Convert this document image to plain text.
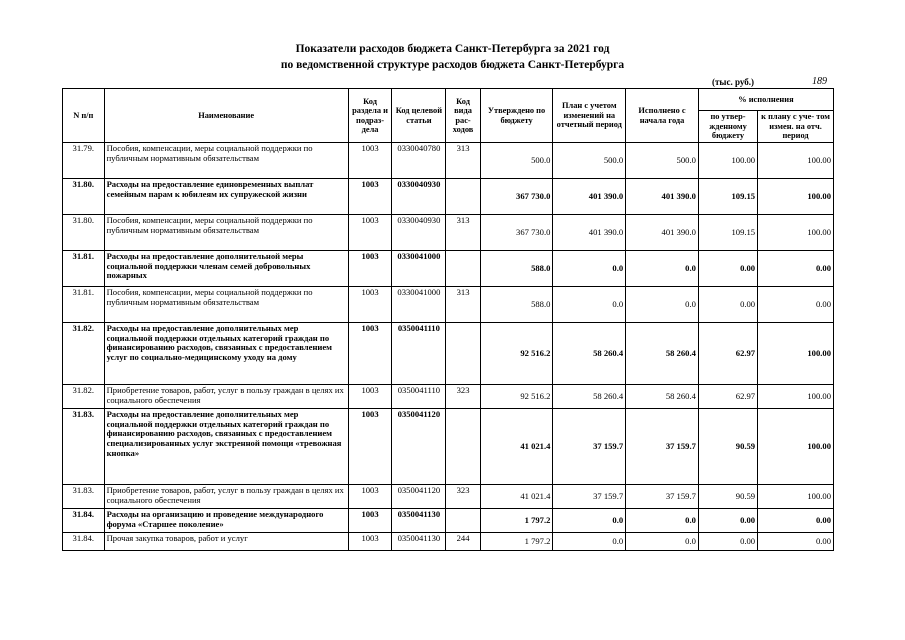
Показатели расходов бюджета Санкт-Петербурга за 2021 год
по ведомственной структуре расходов бюджета Санкт-Петербурга
(тыс. руб.)	189
N п/п	Наименование	Код раздела и подраз- дела	Код целевой статьи	Код вида рас- ходов	Утверждено по бюджету	План с учетом изменений на отчетный период	Исполнено с начала года	% исполнения	
								по утвер- жденному бюджету	к плану с уче- том измен. на отч. период
31.79.	Пособия, компенсации, меры социальной поддержки по публичным нормативным обязательствам	1003	0330040780	313	500.0	500.0	500.0	100.00	100.00
31.80.	Расходы на предоставление единовременных выплат семейным парам к юбилеям их супружеской жизни	1003	0330040930		367 730.0	401 390.0	401 390.0	109.15	100.00
31.80.	Пособия, компенсации, меры социальной поддержки по публичным нормативным обязательствам	1003	0330040930	313	367 730.0	401 390.0	401 390.0	109.15	100.00
31.81.	Расходы на предоставление дополнительной меры социальной поддержки членам семей добровольных пожарных	1003	0330041000		588.0	0.0	0.0	0.00	0.00
31.81.	Пособия, компенсации, меры социальной поддержки по публичным нормативным обязательствам	1003	0330041000	313	588.0	0.0	0.0	0.00	0.00
31.82.	Расходы на предоставление дополнительных мер социальной поддержки отдельных категорий граждан по финансированию расходов, связанных с предоставлением услуг по социально-медицинскому уходу на дому	1003	0350041110		92 516.2	58 260.4	58 260.4	62.97	100.00
31.82.	Приобретение товаров, работ, услуг в пользу граждан в целях их социального обеспечения	1003	0350041110	323	92 516.2	58 260.4	58 260.4	62.97	100.00
31.83.	Расходы на предоставление дополнительных мер социальной поддержки отдельных категорий граждан по финансированию расходов, связанных с предоставлением специализированных услуг экстренной помощи «тревожная кнопка»	1003	0350041120		41 021.4	37 159.7	37 159.7	90.59	100.00
31.83.	Приобретение товаров, работ, услуг в пользу граждан в целях их социального обеспечения	1003	0350041120	323	41 021.4	37 159.7	37 159.7	90.59	100.00
31.84.	Расходы на организацию и проведение международного форума «Старшее поколение»	1003	0350041130		1 797.2	0.0	0.0	0.00	0.00
31.84.	Прочая закупка товаров, работ и услуг	1003	0350041130	244	1 797.2	0.0	0.0	0.00	0.00
